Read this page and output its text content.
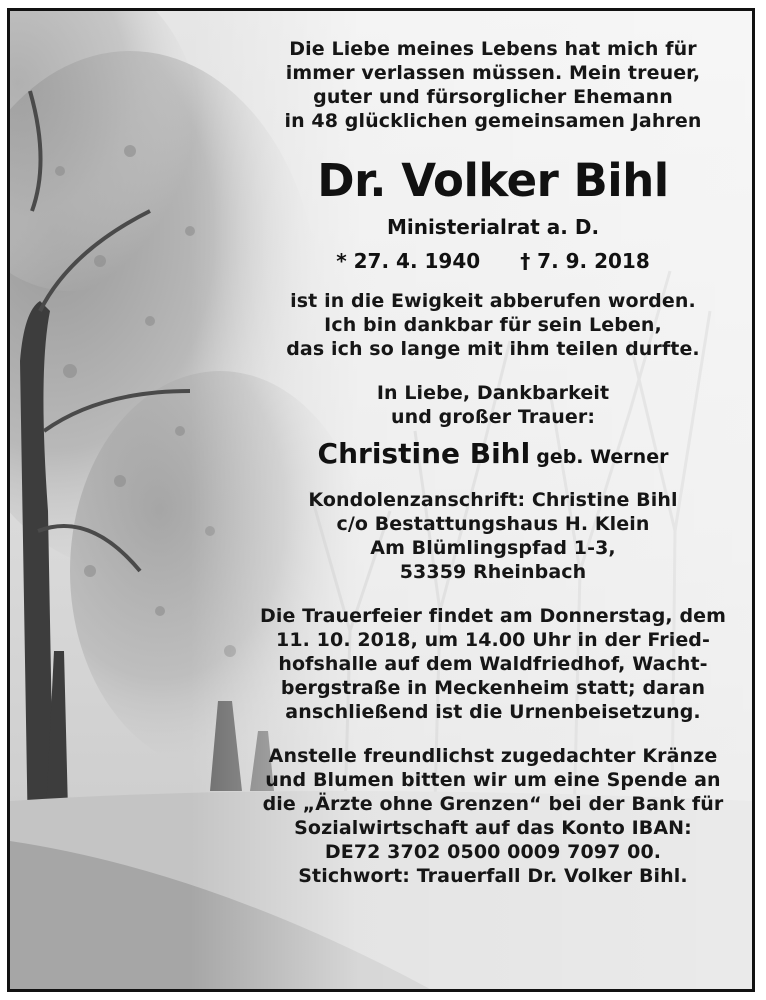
Die Liebe meines Lebens hat mich für
immer verlassen müssen. Mein treuer,
guter und fürsorglicher Ehemann
in 48 glücklichen gemeinsamen Jahren
Dr. Volker Bihl
Ministerialrat a. D.
* 27. 4. 1940 † 7. 9. 2018
ist in die Ewigkeit abberufen worden.
Ich bin dankbar für sein Leben,
das ich so lange mit ihm teilen durfte.
In Liebe, Dankbarkeit
und großer Trauer:
Christine Bihl geb. Werner
Kondolenzanschrift: Christine Bihl
c/o Bestattungshaus H. Klein
Am Blümlingspfad 1-3,
53359 Rheinbach
Die Trauerfeier findet am Donnerstag, dem
11. 10. 2018, um 14.00 Uhr in der Fried-
hofshalle auf dem Waldfriedhof, Wacht-
bergstraße in Meckenheim statt; daran
anschließend ist die Urnenbeisetzung.
Anstelle freundlichst zugedachter Kränze
und Blumen bitten wir um eine Spende an
die „Ärzte ohne Grenzen“ bei der Bank für
Sozialwirtschaft auf das Konto IBAN:
DE72 3702 0500 0009 7097 00.
Stichwort: Trauerfall Dr. Volker Bihl.
